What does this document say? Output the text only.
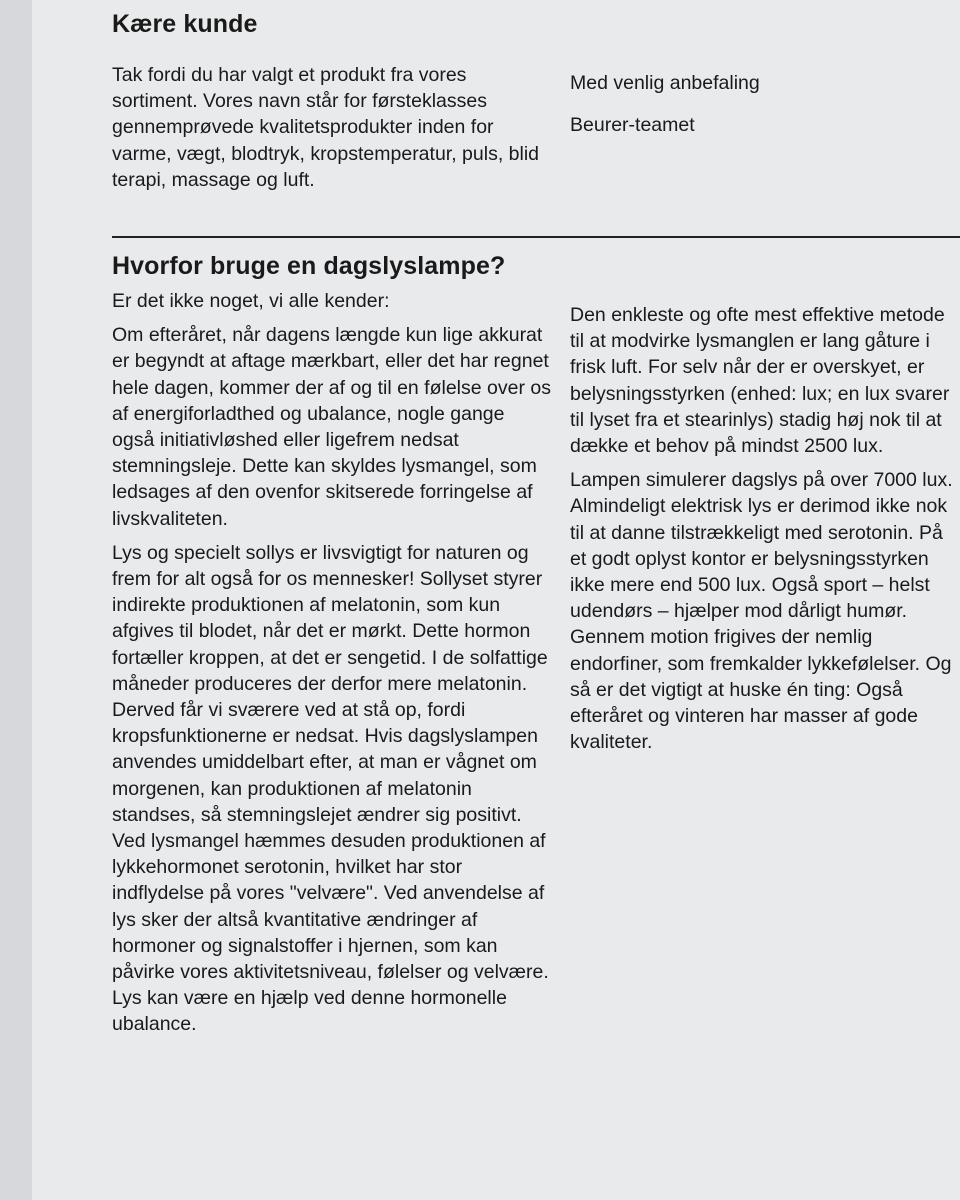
Kære kunde

Tak fordi du har valgt et produkt fra vores sortiment. Vores navn står for førsteklasses gennemprøvede kvalitetsprodukter inden for varme, vægt, blodtryk, kropstemperatur, puls, blid terapi, massage og luft.

Med venlig anbefaling

Beurer-teamet

Hvorfor bruge en dagslyslampe?

Er det ikke noget, vi alle kender:

Om efteråret, når dagens længde kun lige akkurat er begyndt at aftage mærkbart, eller det har regnet hele dagen, kommer der af og til en følelse over os af energiforladthed og ubalance, nogle gange også initiativløshed eller ligefrem nedsat stemningsleje. Dette kan skyldes lysmangel, som ledsages af den ovenfor skitserede forringelse af livskvaliteten.

Lys og specielt sollys er livsvigtigt for naturen og frem for alt også for os mennesker! Sollyset styrer indirekte produktionen af melatonin, som kun afgives til blodet, når det er mørkt. Dette hormon fortæller kroppen, at det er sengetid. I de solfattige måneder produceres der derfor mere melatonin. Derved får vi sværere ved at stå op, fordi kropsfunktionerne er nedsat. Hvis dagslyslampen anvendes umiddelbart efter, at man er vågnet om morgenen, kan produktionen af melatonin standses, så stemningslejet ændrer sig positivt. Ved lysmangel hæmmes desuden produktionen af lykkehormonet serotonin, hvilket har stor indflydelse på vores "velvære". Ved anvendelse af lys sker der altså kvantitative ændringer af hormoner og signalstoffer i hjernen, som kan påvirke vores aktivitetsniveau, følelser og velvære. Lys kan være en hjælp ved denne hormonelle ubalance.

Den enkleste og ofte mest effektive metode til at modvirke lysmanglen er lang gåture i frisk luft. For selv når der er overskyet, er belysningsstyrken (enhed: lux; en lux svarer til lyset fra et stearinlys) stadig høj nok til at dække et behov på mindst 2500 lux.

Lampen simulerer dagslys på over 7000 lux. Almindeligt elektrisk lys er derimod ikke nok til at danne tilstrækkeligt med serotonin. På et godt oplyst kontor er belysningsstyrken ikke mere end 500 lux. Også sport – helst udendørs – hjælper mod dårligt humør. Gennem motion frigives der nemlig endorfiner, som fremkalder lykkefølelser. Og så er det vigtigt at huske én ting: Også efteråret og vinteren har masser af gode kvaliteter.
